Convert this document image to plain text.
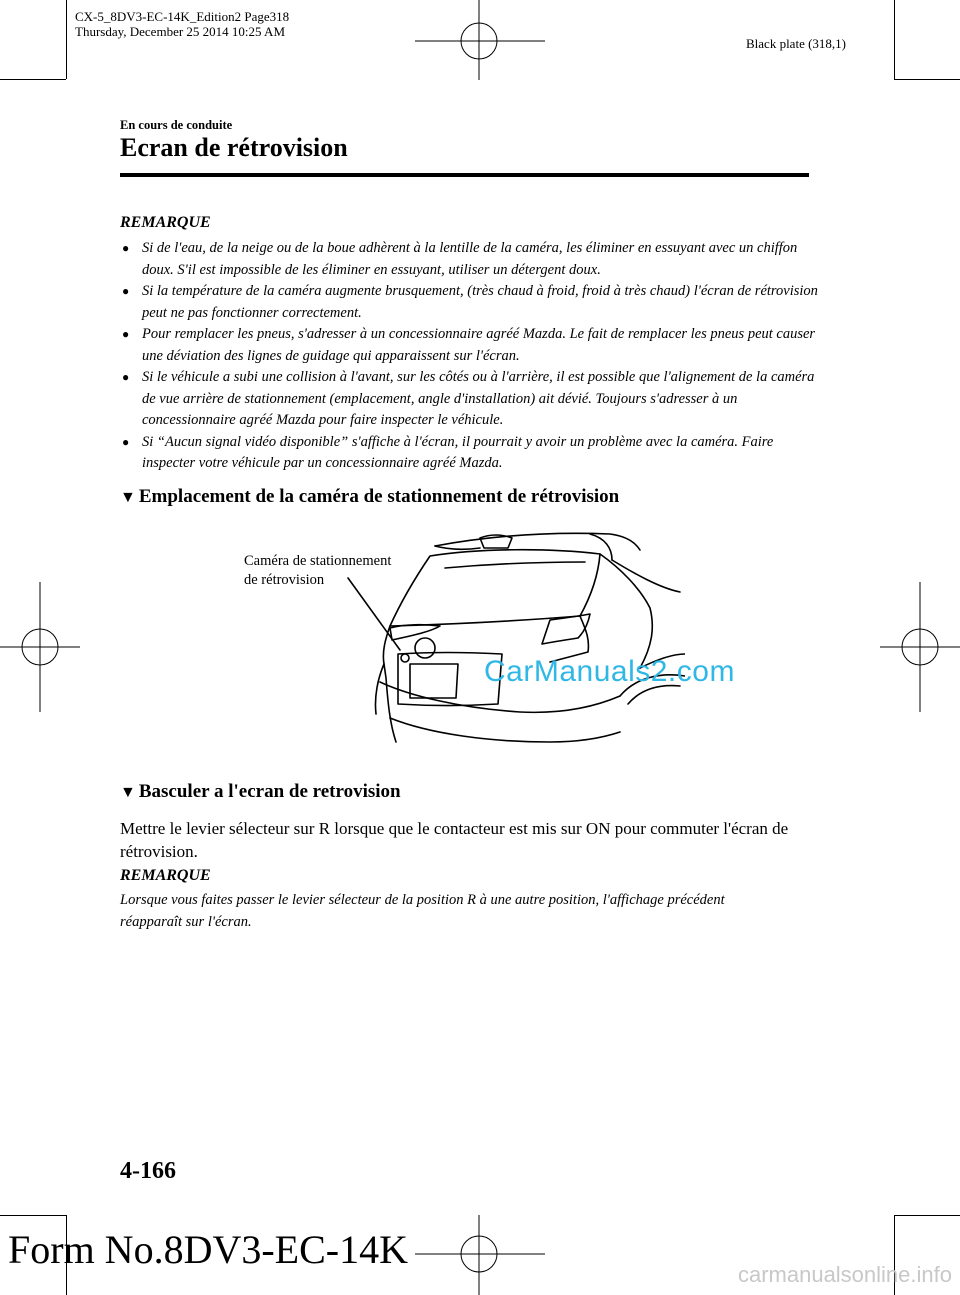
CX-5_8DV3-EC-14K_Edition2 Page318
Thursday, December 25 2014 10:25 AM
Black plate (318,1)
En cours de conduite
Ecran de rétrovision
REMARQUE
● Si de l'eau, de la neige ou de la boue adhèrent à la lentille de la caméra, les éliminer en essuyant avec un chiffon doux. S'il est impossible de les éliminer en essuyant, utiliser un détergent doux.
● Si la température de la caméra augmente brusquement, (très chaud à froid, froid à très chaud) l'écran de rétrovision peut ne pas fonctionner correctement.
● Pour remplacer les pneus, s'adresser à un concessionnaire agréé Mazda. Le fait de remplacer les pneus peut causer une déviation des lignes de guidage qui apparaissent sur l'écran.
● Si le véhicule a subi une collision à l'avant, sur les côtés ou à l'arrière, il est possible que l'alignement de la caméra de vue arrière de stationnement (emplacement, angle d'installation) ait dévié. Toujours s'adresser à un concessionnaire agréé Mazda pour faire inspecter le véhicule.
● Si “Aucun signal vidéo disponible” s'affiche à l'écran, il pourrait y avoir un problème avec la caméra. Faire inspecter votre véhicule par un concessionnaire agréé Mazda.
▼ Emplacement de la caméra de stationnement de rétrovision
Caméra de stationnement
de rétrovision
CarManuals2.com
▼ Basculer a l'ecran de retrovision
Mettre le levier sélecteur sur R lorsque que le contacteur est mis sur ON pour commuter l'écran de rétrovision.
REMARQUE
Lorsque vous faites passer le levier sélecteur de la position R à une autre position, l'affichage précédent réapparaît sur l'écran.
4-166
Form No.8DV3-EC-14K
carmanualsonline.info
